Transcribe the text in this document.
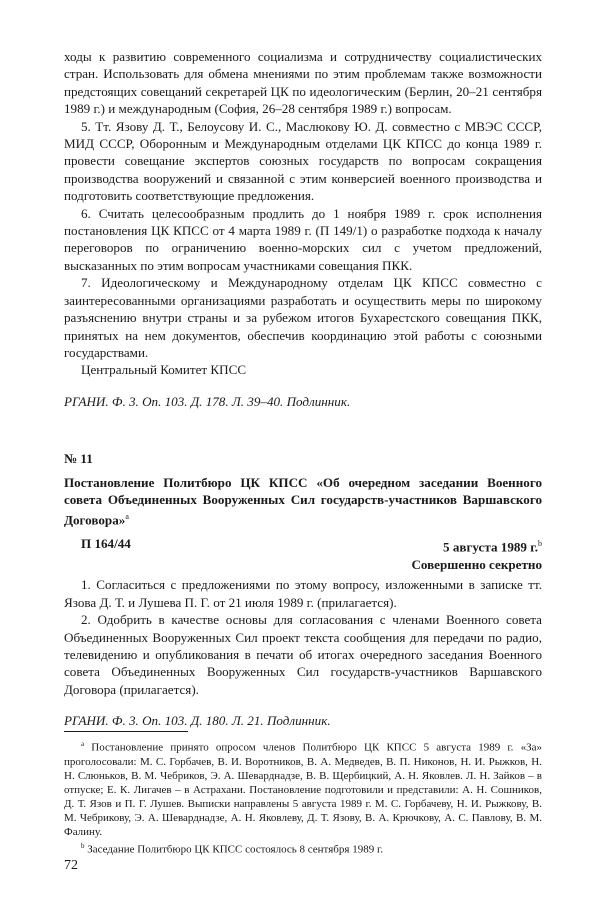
ходы к развитию современного социализма и сотрудничеству социалистических стран. Использовать для обмена мнениями по этим проблемам также возможности предстоящих совещаний секретарей ЦК по идеологическим (Берлин, 20–21 сентября 1989 г.) и международным (София, 26–28 сентября 1989 г.) вопросам.

5. Тт. Язову Д. Т., Белоусову И. С., Маслюкову Ю. Д. совместно с МВЭС СССР, МИД СССР, Оборонным и Международным отделами ЦК КПСС до конца 1989 г. провести совещание экспертов союзных государств по вопросам сокращения производства вооружений и связанной с этим конверсией военного производства и подготовить соответствующие предложения.

6. Считать целесообразным продлить до 1 ноября 1989 г. срок исполнения постановления ЦК КПСС от 4 марта 1989 г. (П 149/1) о разработке подхода к началу переговоров по ограничению военно-морских сил с учетом предложений, высказанных по этим вопросам участниками совещания ПКК.

7. Идеологическому и Международному отделам ЦК КПСС совместно с заинтересованными организациями разработать и осуществить меры по широкому разъяснению внутри страны и за рубежом итогов Бухарестского совещания ПКК, принятых на нем документов, обеспечив координацию этой работы с союзными государствами.

Центральный Комитет КПСС

РГАНИ. Ф. 3. Оп. 103. Д. 178. Л. 39–40. Подлинник.

№ 11

Постановление Политбюро ЦК КПСС «Об очередном заседании Военного совета Объединенных Вооруженных Сил государств-участников Варшавского Договора»$^a$

П 164/44	5 августа 1989 г.$^b$
Совершенно секретно

1. Согласиться с предложениями по этому вопросу, изложенными в записке тт. Язова Д. Т. и Лушева П. Г. от 21 июля 1989 г. (прилагается).

2. Одобрить в качестве основы для согласования с членами Военного совета Объединенных Вооруженных Сил проект текста сообщения для передачи по радио, телевидению и опубликования в печати об итогах очередного заседания Военного совета Объединенных Вооруженных Сил государств-участников Варшавского Договора (прилагается).

РГАНИ. Ф. 3. Оп. 103. Д. 180. Л. 21. Подлинник.

$^a$ Постановление принято опросом членов Политбюро ЦК КПСС 5 августа 1989 г. «За» проголосовали: М. С. Горбачев, В. И. Воротников, В. А. Медведев, В. П. Никонов, Н. И. Рыжков, Н. Н. Слюньков, В. М. Чебриков, Э. А. Шеварднадзе, В. В. Щербицкий, А. Н. Яковлев. Л. Н. Зайков – в отпуске; Е. К. Лигачев – в Астрахани. Постановление подготовили и представили: А. Н. Сошников, Д. Т. Язов и П. Г. Лушев. Выписки направлены 5 августа 1989 г. М. С. Горбачеву, Н. И. Рыжкову, В. М. Чебрикову, Э. А. Шеварднадзе, А. Н. Яковлеву, Д. Т. Язову, В. А. Крючкову, А. С. Павлову, В. М. Фалину.

$^b$ Заседание Политбюро ЦК КПСС состоялось 8 сентября 1989 г.

72
